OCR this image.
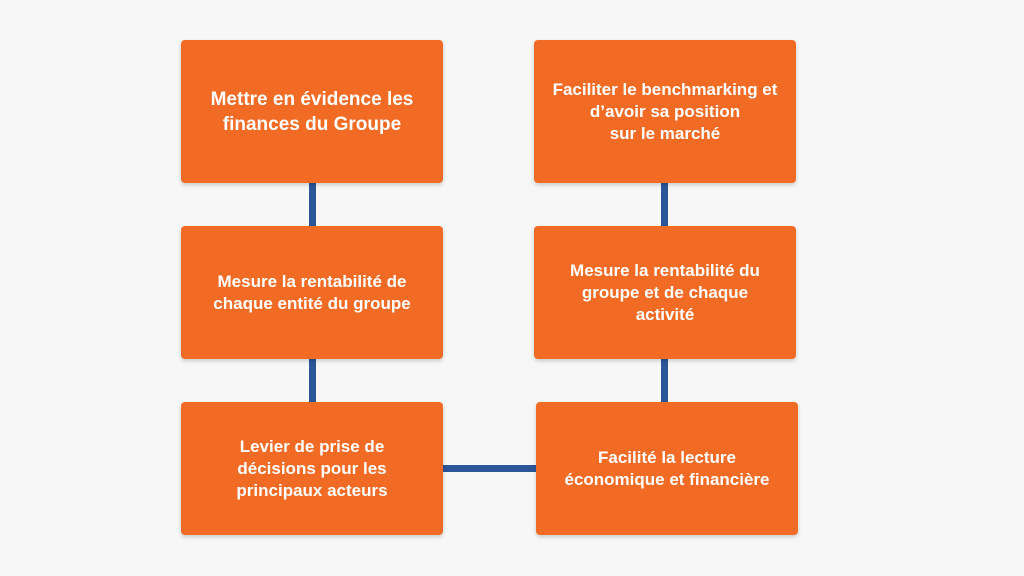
Mettre en évidence les
finances du Groupe
Mesure la rentabilité de
chaque entité du groupe
Levier de prise de
décisions pour les
principaux acteurs
Faciliter le benchmarking et
d’avoir sa position
sur le marché
Mesure la rentabilité du
groupe et de chaque
activité
Facilité la lecture
économique et financière
